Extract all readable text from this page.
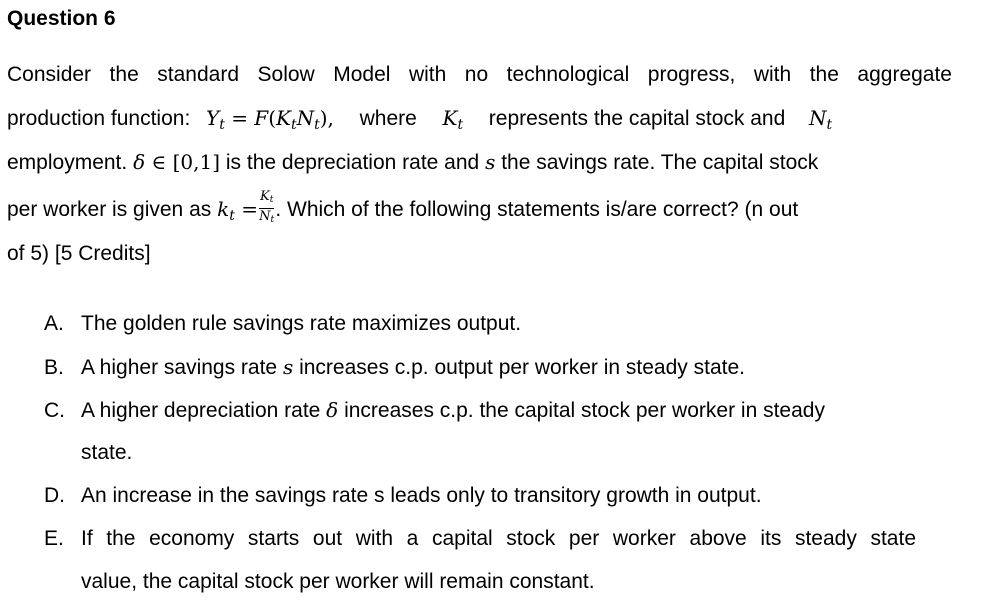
Question 6
Consider the standard Solow Model with no technological progress, with the aggregate
production function: $Y_t = F(K_tN_t)$, where $K_t$ represents the capital stock and $N_t$
employment. δ ∈ [0,1] is the depreciation rate and s the savings rate. The capital stock
per worker is given as $k_t = \frac{Kt}{Nt}$ . Which of the following statements is/are correct? (n out
of 5) [5 Credits]
A. The golden rule savings rate maximizes output.
B. A higher savings rate s increases c.p. output per worker in steady state.
C. A higher depreciation rate δ increases c.p. the capital stock per worker in steady
state.
D. An increase in the savings rate s leads only to transitory growth in output.
E. If the economy starts out with a capital stock per worker above its steady state
value, the capital stock per worker will remain constant.
